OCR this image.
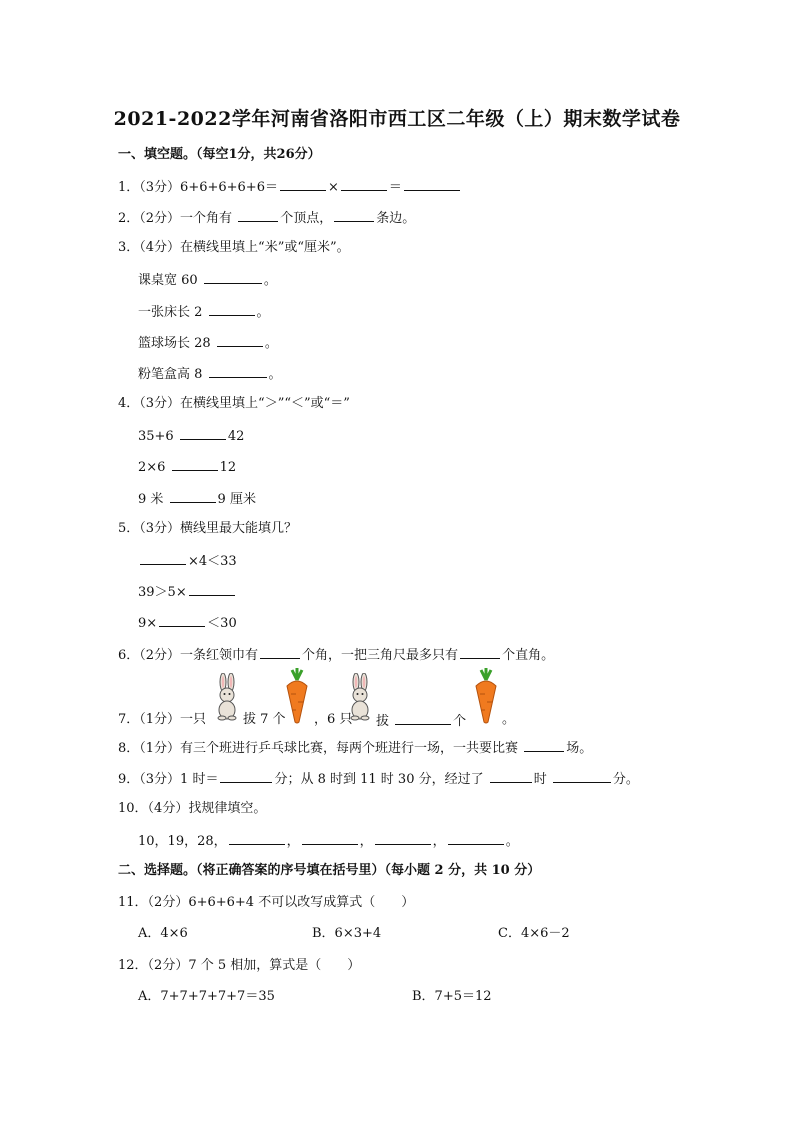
2021-2022学年河南省洛阳市西工区二年级（上）期末数学试卷
一、填空题。（每空1分，共26分）
1．（3分）6+6+6+6+6＝	×	＝
2．（2分）一个角有	个顶点，	条边。
3．（4分）在横线里填上“米”或“厘米”。
课桌宽 60	。
一张床长 2	。
篮球场长 28	。
粉笔盒高 8	。
4．（3分）在横线里填上“＞”“＜”或“＝”
35+6	42
2×6	12
9 米	9 厘米
5．（3分）横线里最大能填几？
×4＜33
39＞5×
9×	＜30
6．（2分）一条红领巾有	个角，一把三角尺最多只有	个直角。
7．（1分）一只	拔 7 个 ，6 只 拔	个	。
8．（1分）有三个班进行乒乓球比赛，每两个班进行一场，一共要比赛	场。
9．（3分）1 时＝	分；从 8 时到 11 时 30 分，经过了	时	分。
10．（4分）找规律填空。
10，19，28，	，	，	，	。
二、选择题。（将正确答案的序号填在括号里）（每小题 2 分，共 10 分）
11．（2分）6+6+6+4 不可以改写成算式（　　）
A．4×6	B．6×3+4	C．4×6－2
12．（2分）7 个 5 相加，算式是（　　）
A．7+7+7+7+7＝35	B．7+5＝12
